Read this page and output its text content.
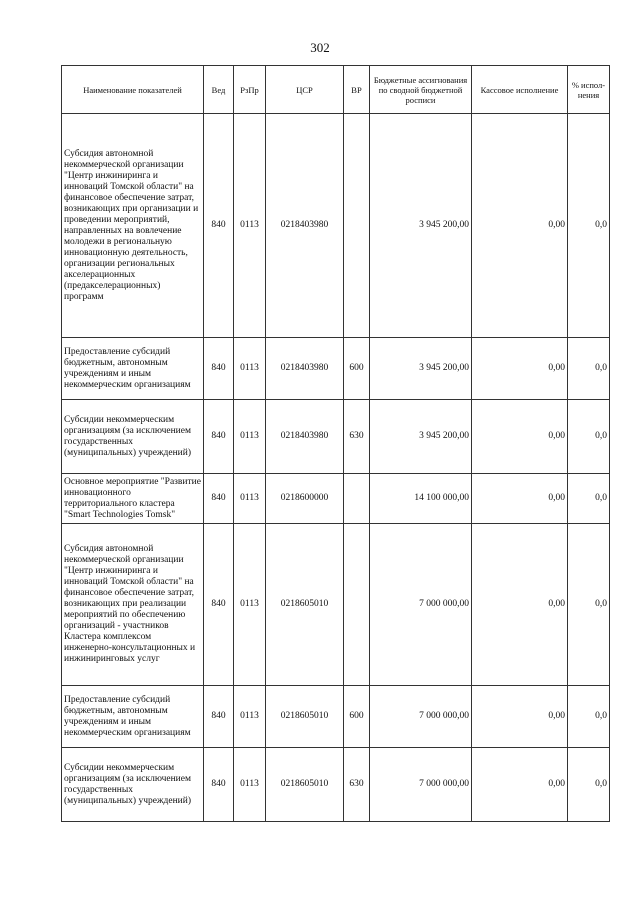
302
Наименование показателей	Вед	РзПр	ЦСР	ВР	Бюджетные ассигнования по сводной бюджетной росписи	Кассовое исполнение	% испол-нения
Субсидия автономной некоммерческой организации "Центр инжиниринга и инноваций Томской области" на финансовое обеспечение затрат, возникающих при организации и проведении мероприятий, направленных на вовлечение молодежи в региональную инновационную деятельность, организации региональных акселерационных (предакселерационных) программ	840	0113	0218403980		3 945 200,00	0,00	0,0
Предоставление субсидий бюджетным, автономным учреждениям и иным некоммерческим организациям	840	0113	0218403980	600	3 945 200,00	0,00	0,0
Субсидии некоммерческим организациям (за исключением государственных (муниципальных) учреждений)	840	0113	0218403980	630	3 945 200,00	0,00	0,0
Основное мероприятие "Развитие инновационного территориального кластера "Smart Technologies Tomsk"	840	0113	0218600000		14 100 000,00	0,00	0,0
Субсидия автономной некоммерческой организации "Центр инжиниринга и инноваций Томской области" на финансовое обеспечение затрат, возникающих при реализации мероприятий по обеспечению организаций - участников Кластера комплексом инженерно-консультационных и инжиниринговых услуг	840	0113	0218605010		7 000 000,00	0,00	0,0
Предоставление субсидий бюджетным, автономным учреждениям и иным некоммерческим организациям	840	0113	0218605010	600	7 000 000,00	0,00	0,0
Субсидии некоммерческим организациям (за исключением государственных (муниципальных) учреждений)	840	0113	0218605010	630	7 000 000,00	0,00	0,0
